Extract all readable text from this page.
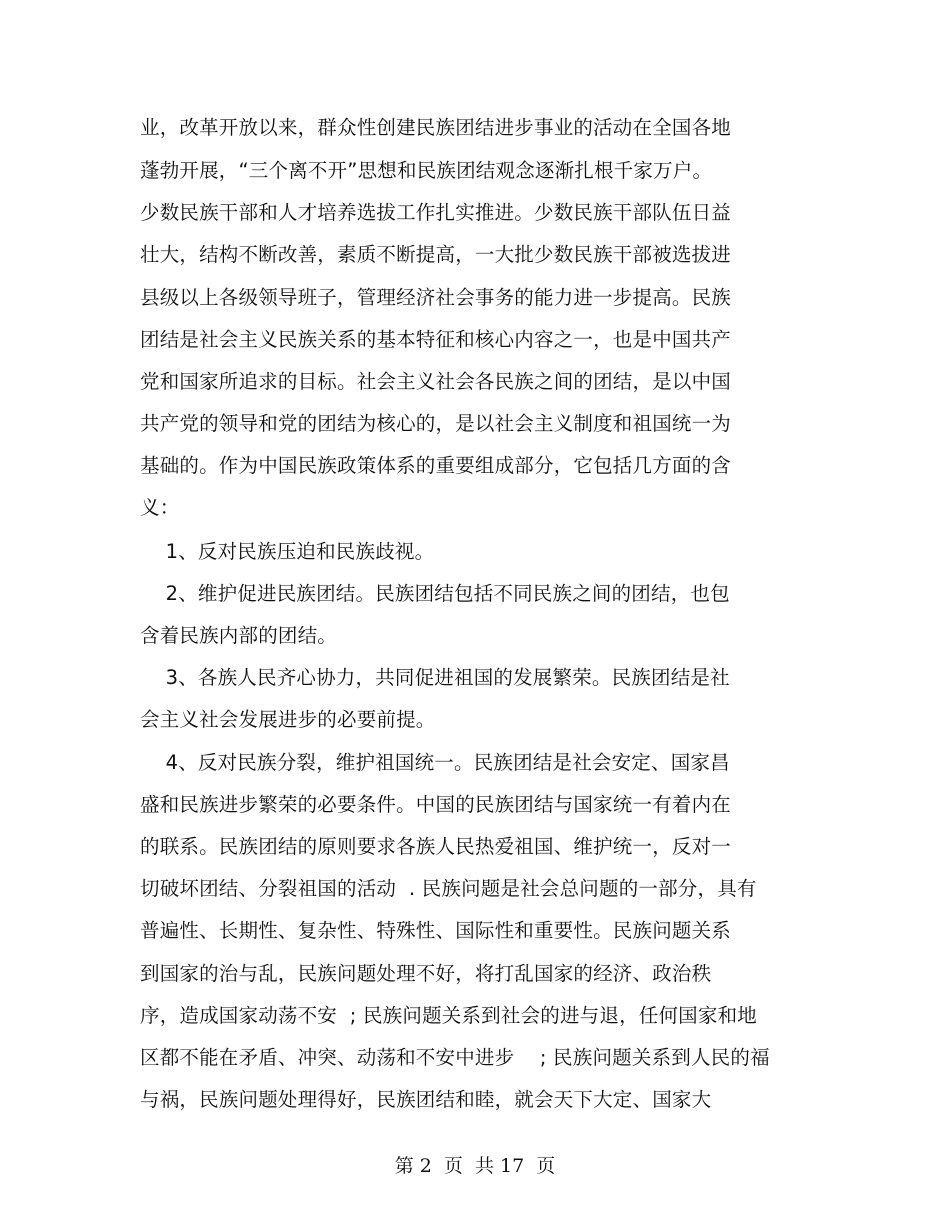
业，改革开放以来，群众性创建民族团结进步事业的活动在全国各地
蓬勃开展，“三个离不开”思想和民族团结观念逐渐扎根千家万户。
少数民族干部和人才培养选拔工作扎实推进。少数民族干部队伍日益
壮大，结构不断改善，素质不断提高，一大批少数民族干部被选拔进
县级以上各级领导班子，管理经济社会事务的能力进一步提高。民族
团结是社会主义民族关系的基本特征和核心内容之一，也是中国共产
党和国家所追求的目标。社会主义社会各民族之间的团结，是以中国
共产党的领导和党的团结为核心的，是以社会主义制度和祖国统一为
基础的。作为中国民族政策体系的重要组成部分，它包括几方面的含
义：
1、反对民族压迫和民族歧视。
2、维护促进民族团结。民族团结包括不同民族之间的团结，也包
含着民族内部的团结。
3、各族人民齐心协力，共同促进祖国的发展繁荣。民族团结是社
会主义社会发展进步的必要前提。
4、反对民族分裂，维护祖国统一。民族团结是社会安定、国家昌
盛和民族进步繁荣的必要条件。中国的民族团结与国家统一有着内在
的联系。民族团结的原则要求各族人民热爱祖国、维护统一，反对一
切破坏团结、分裂祖国的活动  . 民族问题是社会总问题的一部分，具有
普遍性、长期性、复杂性、特殊性、国际性和重要性。民族问题关系
到国家的治与乱，民族问题处理不好，将打乱国家的经济、政治秩
序，造成国家动荡不安  ; 民族问题关系到社会的进与退，任何国家和地
区都不能在矛盾、冲突、动荡和不安中进步    ; 民族问题关系到人民的福
与祸，民族问题处理得好，民族团结和睦，就会天下大定、国家大
第 2  页  共 17  页
